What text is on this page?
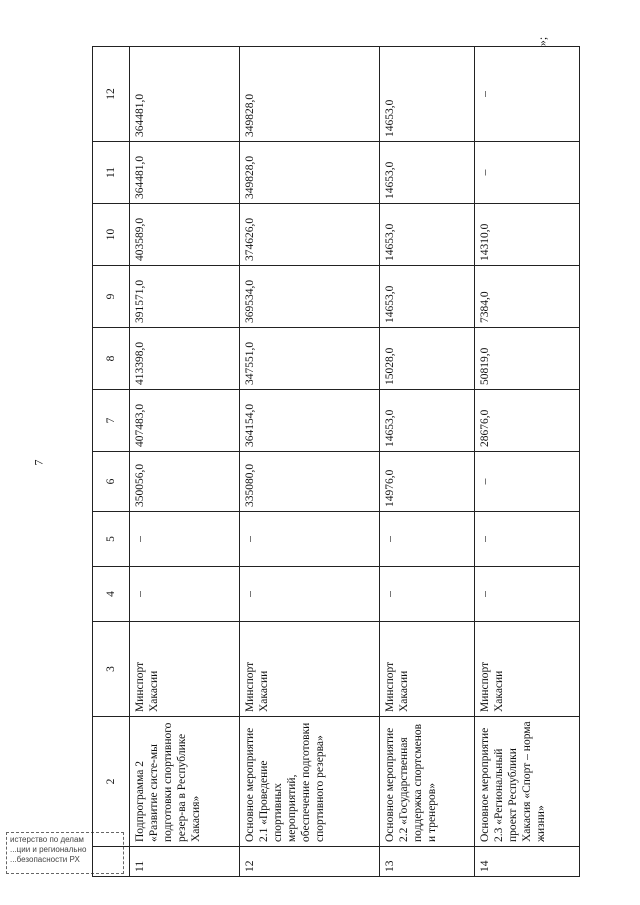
7
»;
истерство по делам
...ции и регионально
...безопасности РХ
	2	3	4	5	6	7	8	9	10	11	12
11	Подпрограмма 2 «Развитие систе-мы подготовки спортивного резер-ва в Республике Хакасия»	Минспорт Хакасии	–	–	350056,0	407483,0	413398,0	391571,0	403589,0	364481,0	364481,0
12	Основное мероприятие 2.1 «Проведение спортивных мероприятий, обеспечение подготовки спортивного резерва»	Минспорт Хакасии	–	–	335080,0	364154,0	347551,0	369534,0	374626,0	349828,0	349828,0
13	Основное мероприятие 2.2 «Государственная поддержка спортсменов и тренеров»	Минспорт Хакасии	–	–	14976,0	14653,0	15028,0	14653,0	14653,0	14653,0	14653,0
14	Основное мероприятие 2.3 «Региональный проект Республики Хакасия «Спорт – норма жизни»	Минспорт Хакасии	–	–	–	28676,0	50819,0	7384,0	14310,0	–	–
